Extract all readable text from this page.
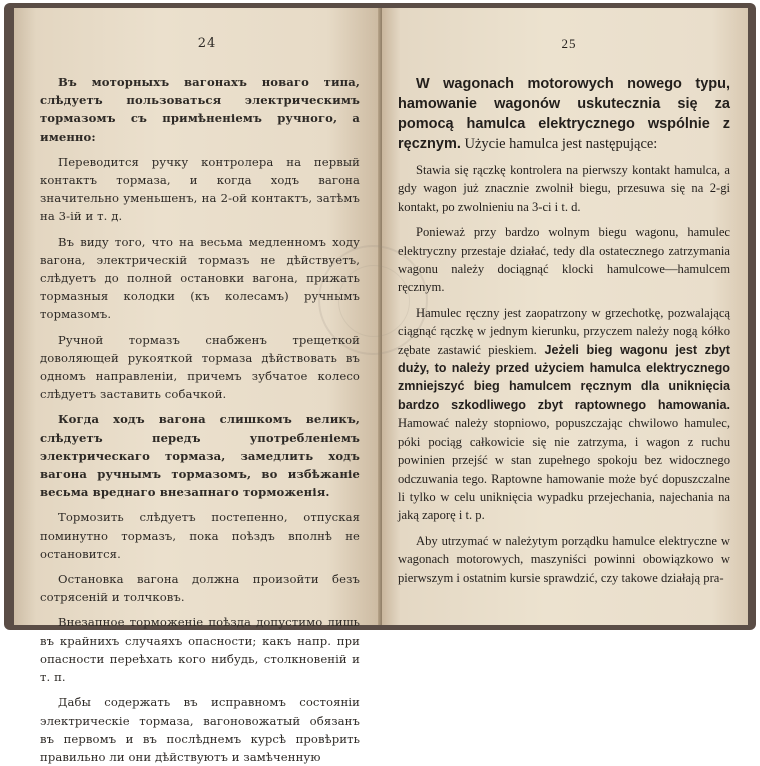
24

Въ моторныхъ вагонахъ новаго типа, слѣдуетъ пользоваться электрическимъ тормазомъ съ примѣненіемъ ручного, а именно:

Переводится ручку контролера на первый контактъ тормаза, и когда ходъ вагона значительно уменьшенъ, на 2-ой контактъ, затѣмъ на 3-ій и т. д.

Въ виду того, что на весьма медленномъ ходу вагона, электрическій тормазъ не дѣйствуетъ, слѣдуетъ до полной остановки вагона, прижать тормазныя колодки (къ колесамъ) ручнымъ тормазомъ.

Ручной тормазъ снабженъ трещеткой доволяющей рукояткой тормаза дѣйствовать въ одномъ направленіи, причемъ зубчатое колесо слѣдуетъ заставить собачкой.

Когда ходъ вагона слишкомъ великъ, слѣдуетъ передъ употребленіемъ электрическаго тормаза, замедлить ходъ вагона ручнымъ тормазомъ, во избѣжаніе весьма вреднаго внезапнаго торможенія.

Тормозить слѣдуетъ постепенно, отпуская поминутно тормазъ, пока поѣздъ вполнѣ не остановится.

Остановка вагона должна произойти безъ сотрясеній и толчковъ.

Внезапное торможеніе поѣзда допустимо лишь въ крайнихъ случаяхъ опасности; какъ напр. при опасности переѣхать кого нибудь, столкновеній и т. п.

Дабы содержать въ исправномъ состояніи электрическіе тормаза, вагоновожатый обязанъ въ первомъ и въ послѣднемъ курсѣ провѣрить правильно ли они дѣйствуютъ и замѣченную

25

W wagonach motorowych nowego typu, hamowanie wagonów uskutecznia się za pomocą hamulca elektrycznego wspólnie z ręcznym. Użycie hamulca jest następujące:

Stawia się rączkę kontrolera na pierwszy kontakt hamulca, a gdy wagon już znacznie zwolnił biegu, przesuwa się na 2-gi kontakt, po zwolnieniu na 3-ci i t. d.

Ponieważ przy bardzo wolnym biegu wagonu, hamulec elektryczny przestaje działać, tedy dla ostatecznego zatrzymania wagonu należy dociągnąć klocki hamulcowe—hamulcem ręcznym.

Hamulec ręczny jest zaopatrzony w grzechotkę, pozwalającą ciągnąć rączkę w jednym kierunku, przyczem należy nogą kółko zębate zastawić pieskiem. Jeżeli bieg wagonu jest zbyt duży, to należy przed użyciem hamulca elektrycznego zmniejszyć bieg hamulcem ręcznym dla uniknięcia bardzo szkodliwego zbyt raptownego hamowania. Hamować należy stopniowo, popuszczając chwilowo hamulec, póki pociąg całkowicie się nie zatrzyma, i wagon z ruchu powinien przejść w stan zupełnego spokoju bez widocznego odczuwania tego. Raptowne hamowanie może być dopuszczalne li tylko w celu uniknięcia wypadku przejechania, najechania na jaką zaporę i t. p.

Aby utrzymać w należytym porządku hamulce elektryczne w wagonach motorowych, maszyniści powinni obowiązkowo w pierwszym i ostatnim kursie sprawdzić, czy takowe działają pra-
